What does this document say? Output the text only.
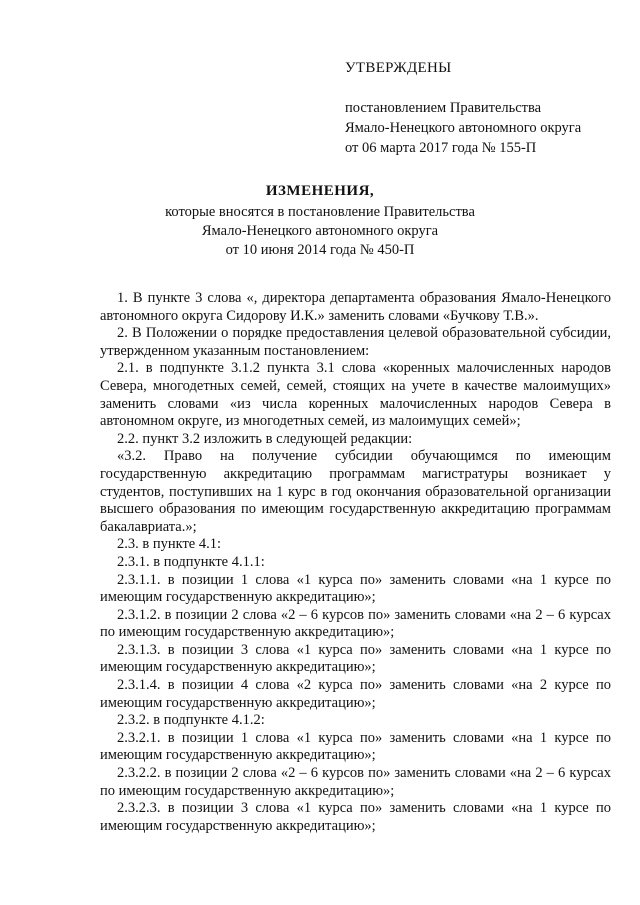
УТВЕРЖДЕНЫ
постановлением Правительства
Ямало-Ненецкого автономного округа
от 06 марта 2017 года № 155-П
ИЗМЕНЕНИЯ,
которые вносятся в постановление Правительства
Ямало-Ненецкого автономного округа
от 10 июня 2014 года № 450-П

1. В пункте 3 слова «, директора департамента образования Ямало-Ненецкого автономного округа Сидорову И.К.» заменить словами «Бучкову Т.В.».

2. В Положении о порядке предоставления целевой образовательной субсидии, утвержденном указанным постановлением:

2.1. в подпункте 3.1.2 пункта 3.1 слова «коренных малочисленных народов Севера, многодетных семей, семей, стоящих на учете в качестве малоимущих» заменить словами «из числа коренных малочисленных народов Севера в автономном округе, из многодетных семей, из малоимущих семей»;

2.2. пункт 3.2 изложить в следующей редакции:

«3.2. Право на получение субсидии обучающимся по имеющим государственную аккредитацию программам магистратуры возникает у студентов, поступивших на 1 курс в год окончания образовательной организации высшего образования по имеющим государственную аккредитацию программам бакалавриата.»;

2.3. в пункте 4.1:

2.3.1. в подпункте 4.1.1:

2.3.1.1. в позиции 1 слова «1 курса по» заменить словами «на 1 курсе по имеющим государственную аккредитацию»;

2.3.1.2. в позиции 2 слова «2 – 6 курсов по» заменить словами «на 2 – 6 курсах по имеющим государственную аккредитацию»;

2.3.1.3. в позиции 3 слова «1 курса по» заменить словами «на 1 курсе по имеющим государственную аккредитацию»;

2.3.1.4. в позиции 4 слова «2 курса по» заменить словами «на 2 курсе по имеющим государственную аккредитацию»;

2.3.2. в подпункте 4.1.2:

2.3.2.1. в позиции 1 слова «1 курса по» заменить словами «на 1 курсе по имеющим государственную аккредитацию»;

2.3.2.2. в позиции 2 слова «2 – 6 курсов по» заменить словами «на 2 – 6 курсах по имеющим государственную аккредитацию»;

2.3.2.3. в позиции 3 слова «1 курса по» заменить словами «на 1 курсе по имеющим государственную аккредитацию»;
